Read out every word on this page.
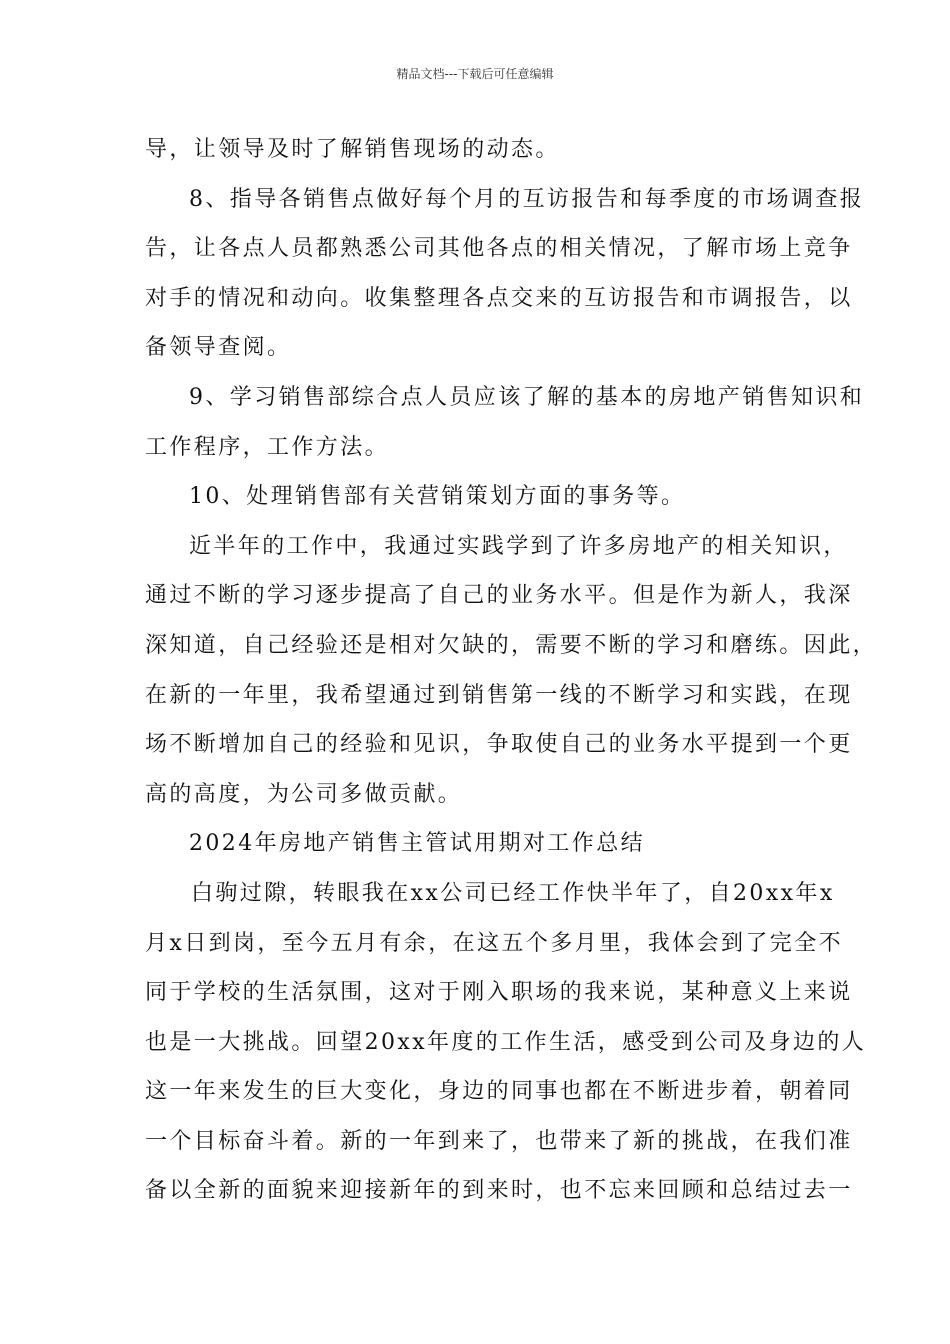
精品文档---下载后可任意编辑
导，让领导及时了解销售现场的动态。
8、指导各销售点做好每个月的互访报告和每季度的市场调查报
告，让各点人员都熟悉公司其他各点的相关情况，了解市场上竞争
对手的情况和动向。收集整理各点交来的互访报告和市调报告，以
备领导查阅。
9、学习销售部综合点人员应该了解的基本的房地产销售知识和
工作程序，工作方法。
10、处理销售部有关营销策划方面的事务等。
近半年的工作中，我通过实践学到了许多房地产的相关知识，
通过不断的学习逐步提高了自己的业务水平。但是作为新人，我深
深知道，自己经验还是相对欠缺的，需要不断的学习和磨练。因此，
在新的一年里，我希望通过到销售第一线的不断学习和实践，在现
场不断增加自己的经验和见识，争取使自己的业务水平提到一个更
高的高度，为公司多做贡献。
2024年房地产销售主管试用期对工作总结
白驹过隙，转眼我在xx公司已经工作快半年了，自20xx年x
月x日到岗，至今五月有余，在这五个多月里，我体会到了完全不
同于学校的生活氛围，这对于刚入职场的我来说，某种意义上来说
也是一大挑战。回望20xx年度的工作生活，感受到公司及身边的人
这一年来发生的巨大变化，身边的同事也都在不断进步着，朝着同
一个目标奋斗着。新的一年到来了，也带来了新的挑战，在我们准
备以全新的面貌来迎接新年的到来时，也不忘来回顾和总结过去一
